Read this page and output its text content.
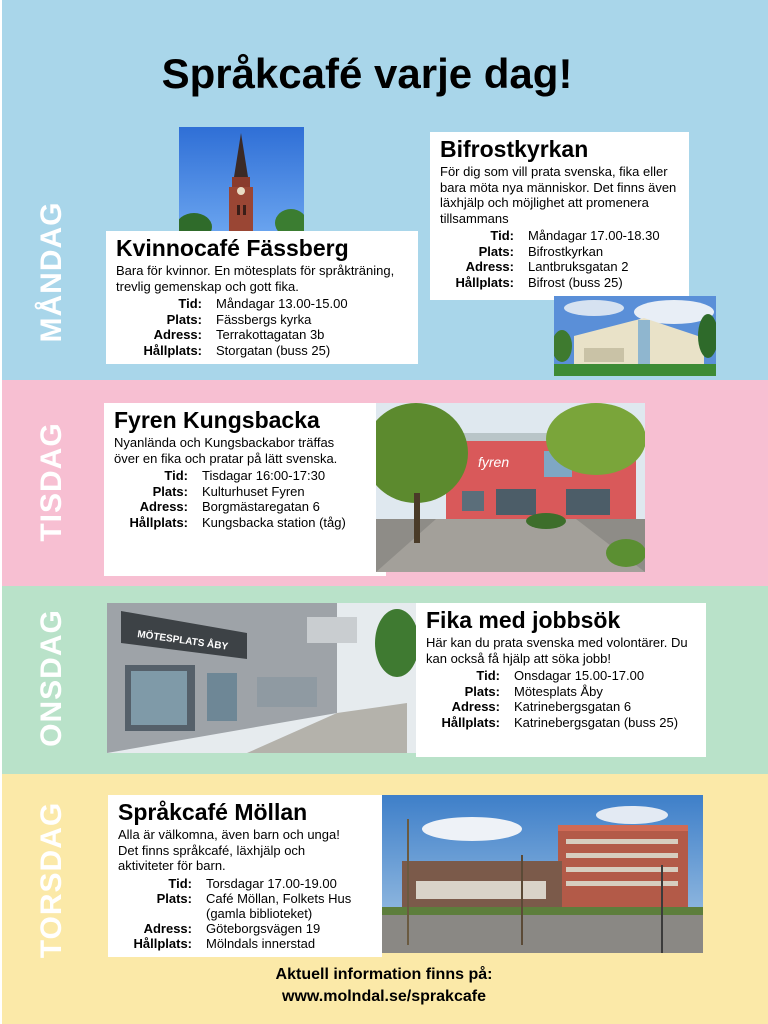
MÅNDAG
TISDAG
ONSDAG
TORSDAG
Språkcafé varje dag!
Kvinnocafé Fässberg

Bara för kvinnor. En mötesplats för språkträning, trevlig gemenskap och gott fika.

Tid: Måndagar 13.00-15.00
Plats: Fässbergs kyrka
Adress: Terrakottagatan 3b
Hållplats: Storgatan (buss 25)
Bifrostkyrkan

För dig som vill prata svenska, fika eller bara möta nya människor. Det finns även läxhjälp och möjlighet att promenera tillsammans

Tid: Måndagar 17.00-18.30
Plats: Bifrostkyrkan
Adress: Lantbruksgatan 2
Hållplats: Bifrost (buss 25)
Fyren Kungsbacka

Nyanlända och Kungsbackabor träffas över en fika och pratar på lätt svenska.

Tid: Tisdagar 16:00-17:30
Plats: Kulturhuset Fyren
Adress: Borgmästaregatan 6
Hållplats: Kungsbacka station (tåg)
fyren
MÖTESPLATS ÅBY
Fika med jobbsök

Här kan du prata svenska med volontärer. Du kan också få hjälp att söka jobb!

Tid: Onsdagar 15.00-17.00
Plats: Mötesplats Åby
Adress: Katrinebergsgatan 6
Hållplats: Katrinebergsgatan (buss 25)
Språkcafé Möllan

Alla är välkomna, även barn och unga! Det finns språkcafé, läxhjälp och aktiviteter för barn.

Tid: Torsdagar 17.00-19.00
Plats: Café Möllan, Folkets Hus (gamla biblioteket)
Adress: Göteborgsvägen 19
Hållplats: Mölndals innerstad
Aktuell information finns på:
www.molndal.se/sprakcafe
